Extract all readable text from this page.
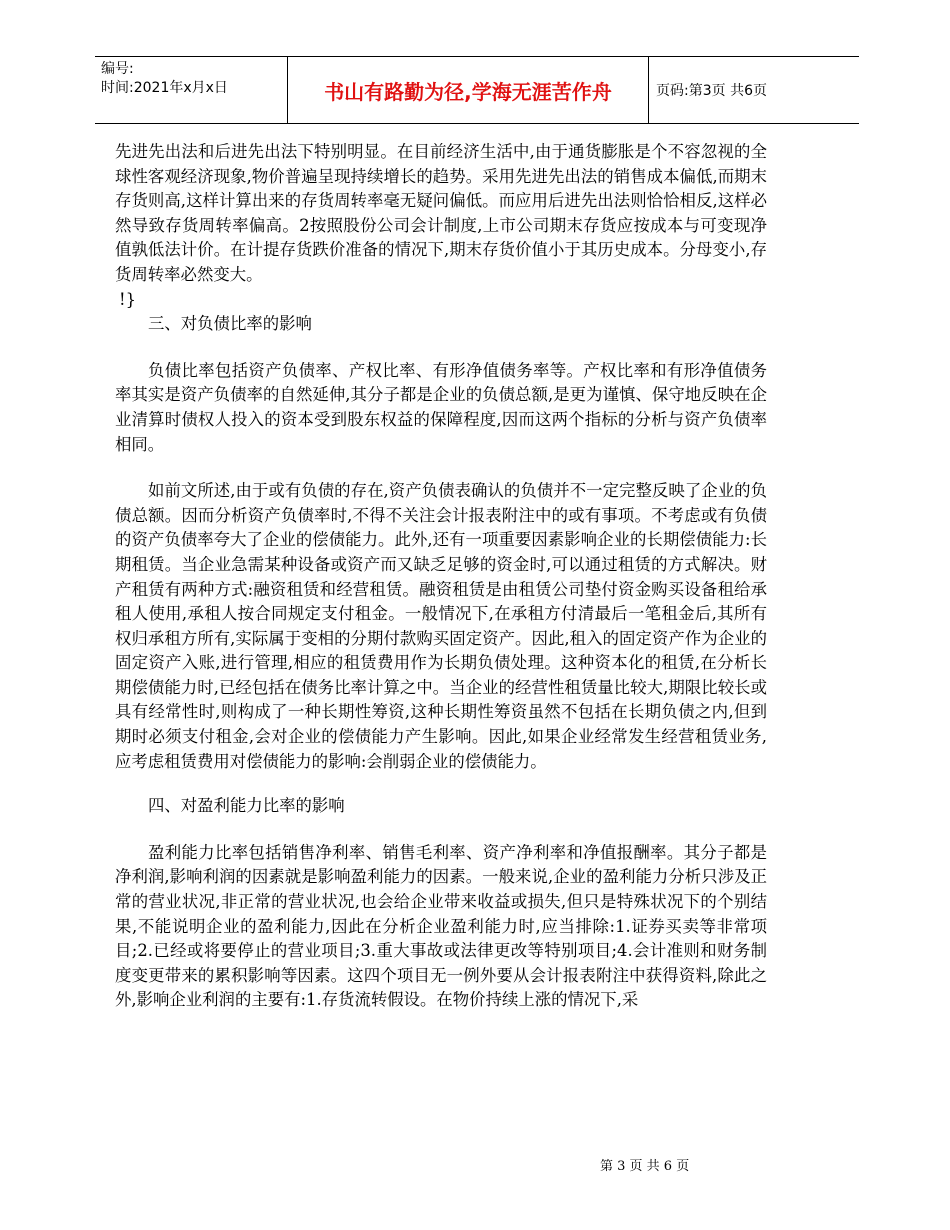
编号:
时间:2021年x月x日	书山有路勤为径,学海无涯苦作舟	页码:第3页 共6页

先进先出法和后进先出法下特别明显。在目前经济生活中,由于通货膨胀是个不容忽视的全球性客观经济现象,物价普遍呈现持续增长的趋势。采用先进先出法的销售成本偏低,而期末存货则高,这样计算出来的存货周转率毫无疑问偏低。而应用后进先出法则恰恰相反,这样必然导致存货周转率偏高。2按照股份公司会计制度,上市公司期末存货应按成本与可变现净值孰低法计价。在计提存货跌价准备的情况下,期末存货价值小于其历史成本。分母变小,存货周转率必然变大。

!}

三、对负债比率的影响

负债比率包括资产负债率、产权比率、有形净值债务率等。产权比率和有形净值债务率其实是资产负债率的自然延伸,其分子都是企业的负债总额,是更为谨慎、保守地反映在企业清算时债权人投入的资本受到股东权益的保障程度,因而这两个指标的分析与资产负债率相同。

如前文所述,由于或有负债的存在,资产负债表确认的负债并不一定完整反映了企业的负债总额。因而分析资产负债率时,不得不关注会计报表附注中的或有事项。不考虑或有负债的资产负债率夸大了企业的偿债能力。此外,还有一项重要因素影响企业的长期偿债能力:长期租赁。当企业急需某种设备或资产而又缺乏足够的资金时,可以通过租赁的方式解决。财产租赁有两种方式:融资租赁和经营租赁。融资租赁是由租赁公司垫付资金购买设备租给承租人使用,承租人按合同规定支付租金。一般情况下,在承租方付清最后一笔租金后,其所有权归承租方所有,实际属于变相的分期付款购买固定资产。因此,租入的固定资产作为企业的固定资产入账,进行管理,相应的租赁费用作为长期负债处理。这种资本化的租赁,在分析长期偿债能力时,已经包括在债务比率计算之中。当企业的经营性租赁量比较大,期限比较长或具有经常性时,则构成了一种长期性筹资,这种长期性筹资虽然不包括在长期负债之内,但到期时必须支付租金,会对企业的偿债能力产生影响。因此,如果企业经常发生经营租赁业务,应考虑租赁费用对偿债能力的影响:会削弱企业的偿债能力。

四、对盈利能力比率的影响

盈利能力比率包括销售净利率、销售毛利率、资产净利率和净值报酬率。其分子都是净利润,影响利润的因素就是影响盈利能力的因素。一般来说,企业的盈利能力分析只涉及正常的营业状况,非正常的营业状况,也会给企业带来收益或损失,但只是特殊状况下的个别结果,不能说明企业的盈利能力,因此在分析企业盈利能力时,应当排除:1.证券买卖等非常项目;2.已经或将要停止的营业项目;3.重大事故或法律更改等特别项目;4.会计准则和财务制度变更带来的累积影响等因素。这四个项目无一例外要从会计报表附注中获得资料,除此之外,影响企业利润的主要有:1.存货流转假设。在物价持续上涨的情况下,采

第 3 页 共 6 页
